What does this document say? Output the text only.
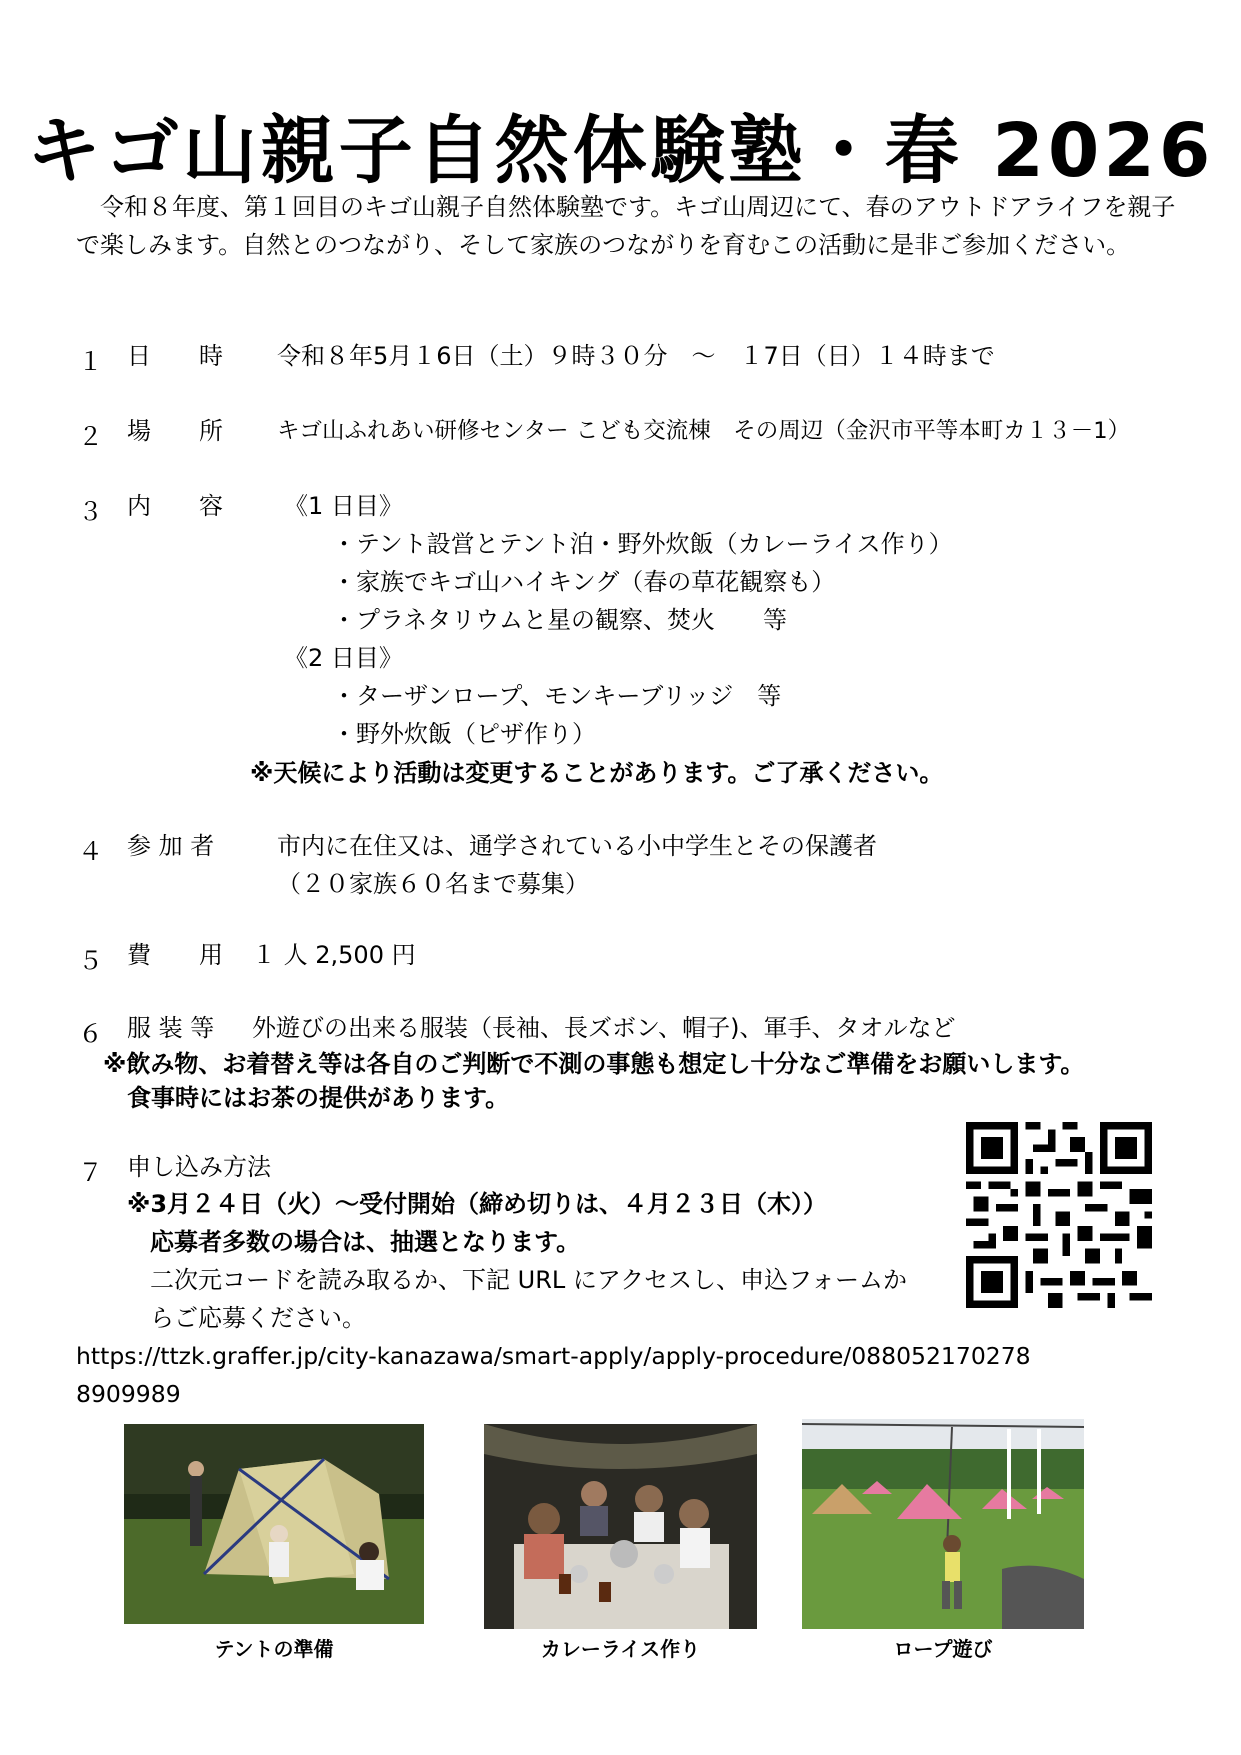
キゴ山親子自然体験塾・春 2026
　令和８年度、第１回目のキゴ山親子自然体験塾です。キゴ山周辺にて、春のアウトドアライフを親子で楽しみます。自然とのつながり、そして家族のつながりを育むこの活動に是非ご参加ください。
１ 日　　時 令和８年5月１6日（土）９時３０分　～　１7日（日）１４時まで
２ 場　　所 キゴ山ふれあい研修センター こども交流棟　その周辺（金沢市平等本町カ１３－1）
３ 内　　容	《1 日目》
・テント設営とテント泊・野外炊飯（カレーライス作り）
・家族でキゴ山ハイキング（春の草花観察も）
・プラネタリウムと星の観察、焚火　　等
《2 日目》
・ターザンロープ、モンキーブリッジ　等
・野外炊飯（ピザ作り）
※天候により活動は変更することがあります。ご了承ください。
４ 参 加 者	市内に在住又は、通学されている小中学生とその保護者
（２０家族６０名まで募集）
５ 費　　用 １ 人 2,500 円
６ 服 装 等 外遊びの出来る服装（長袖、長ズボン、帽子)、軍手、タオルなど
※飲み物、お着替え等は各自のご判断で不測の事態も想定し十分なご準備をお願いします。
食事時にはお茶の提供があります。
７ 申し込み方法
※3月２４日（火）～受付開始（締め切りは、４月２３日（木））
応募者多数の場合は、抽選となります。
二次元コードを読み取るか、下記 URL にアクセスし、申込フォームか
らご応募ください。
https://ttzk.graffer.jp/city-kanazawa/smart-apply/apply-procedure/088052170278
8909989
テントの準備	カレーライス作り	ロープ遊び
